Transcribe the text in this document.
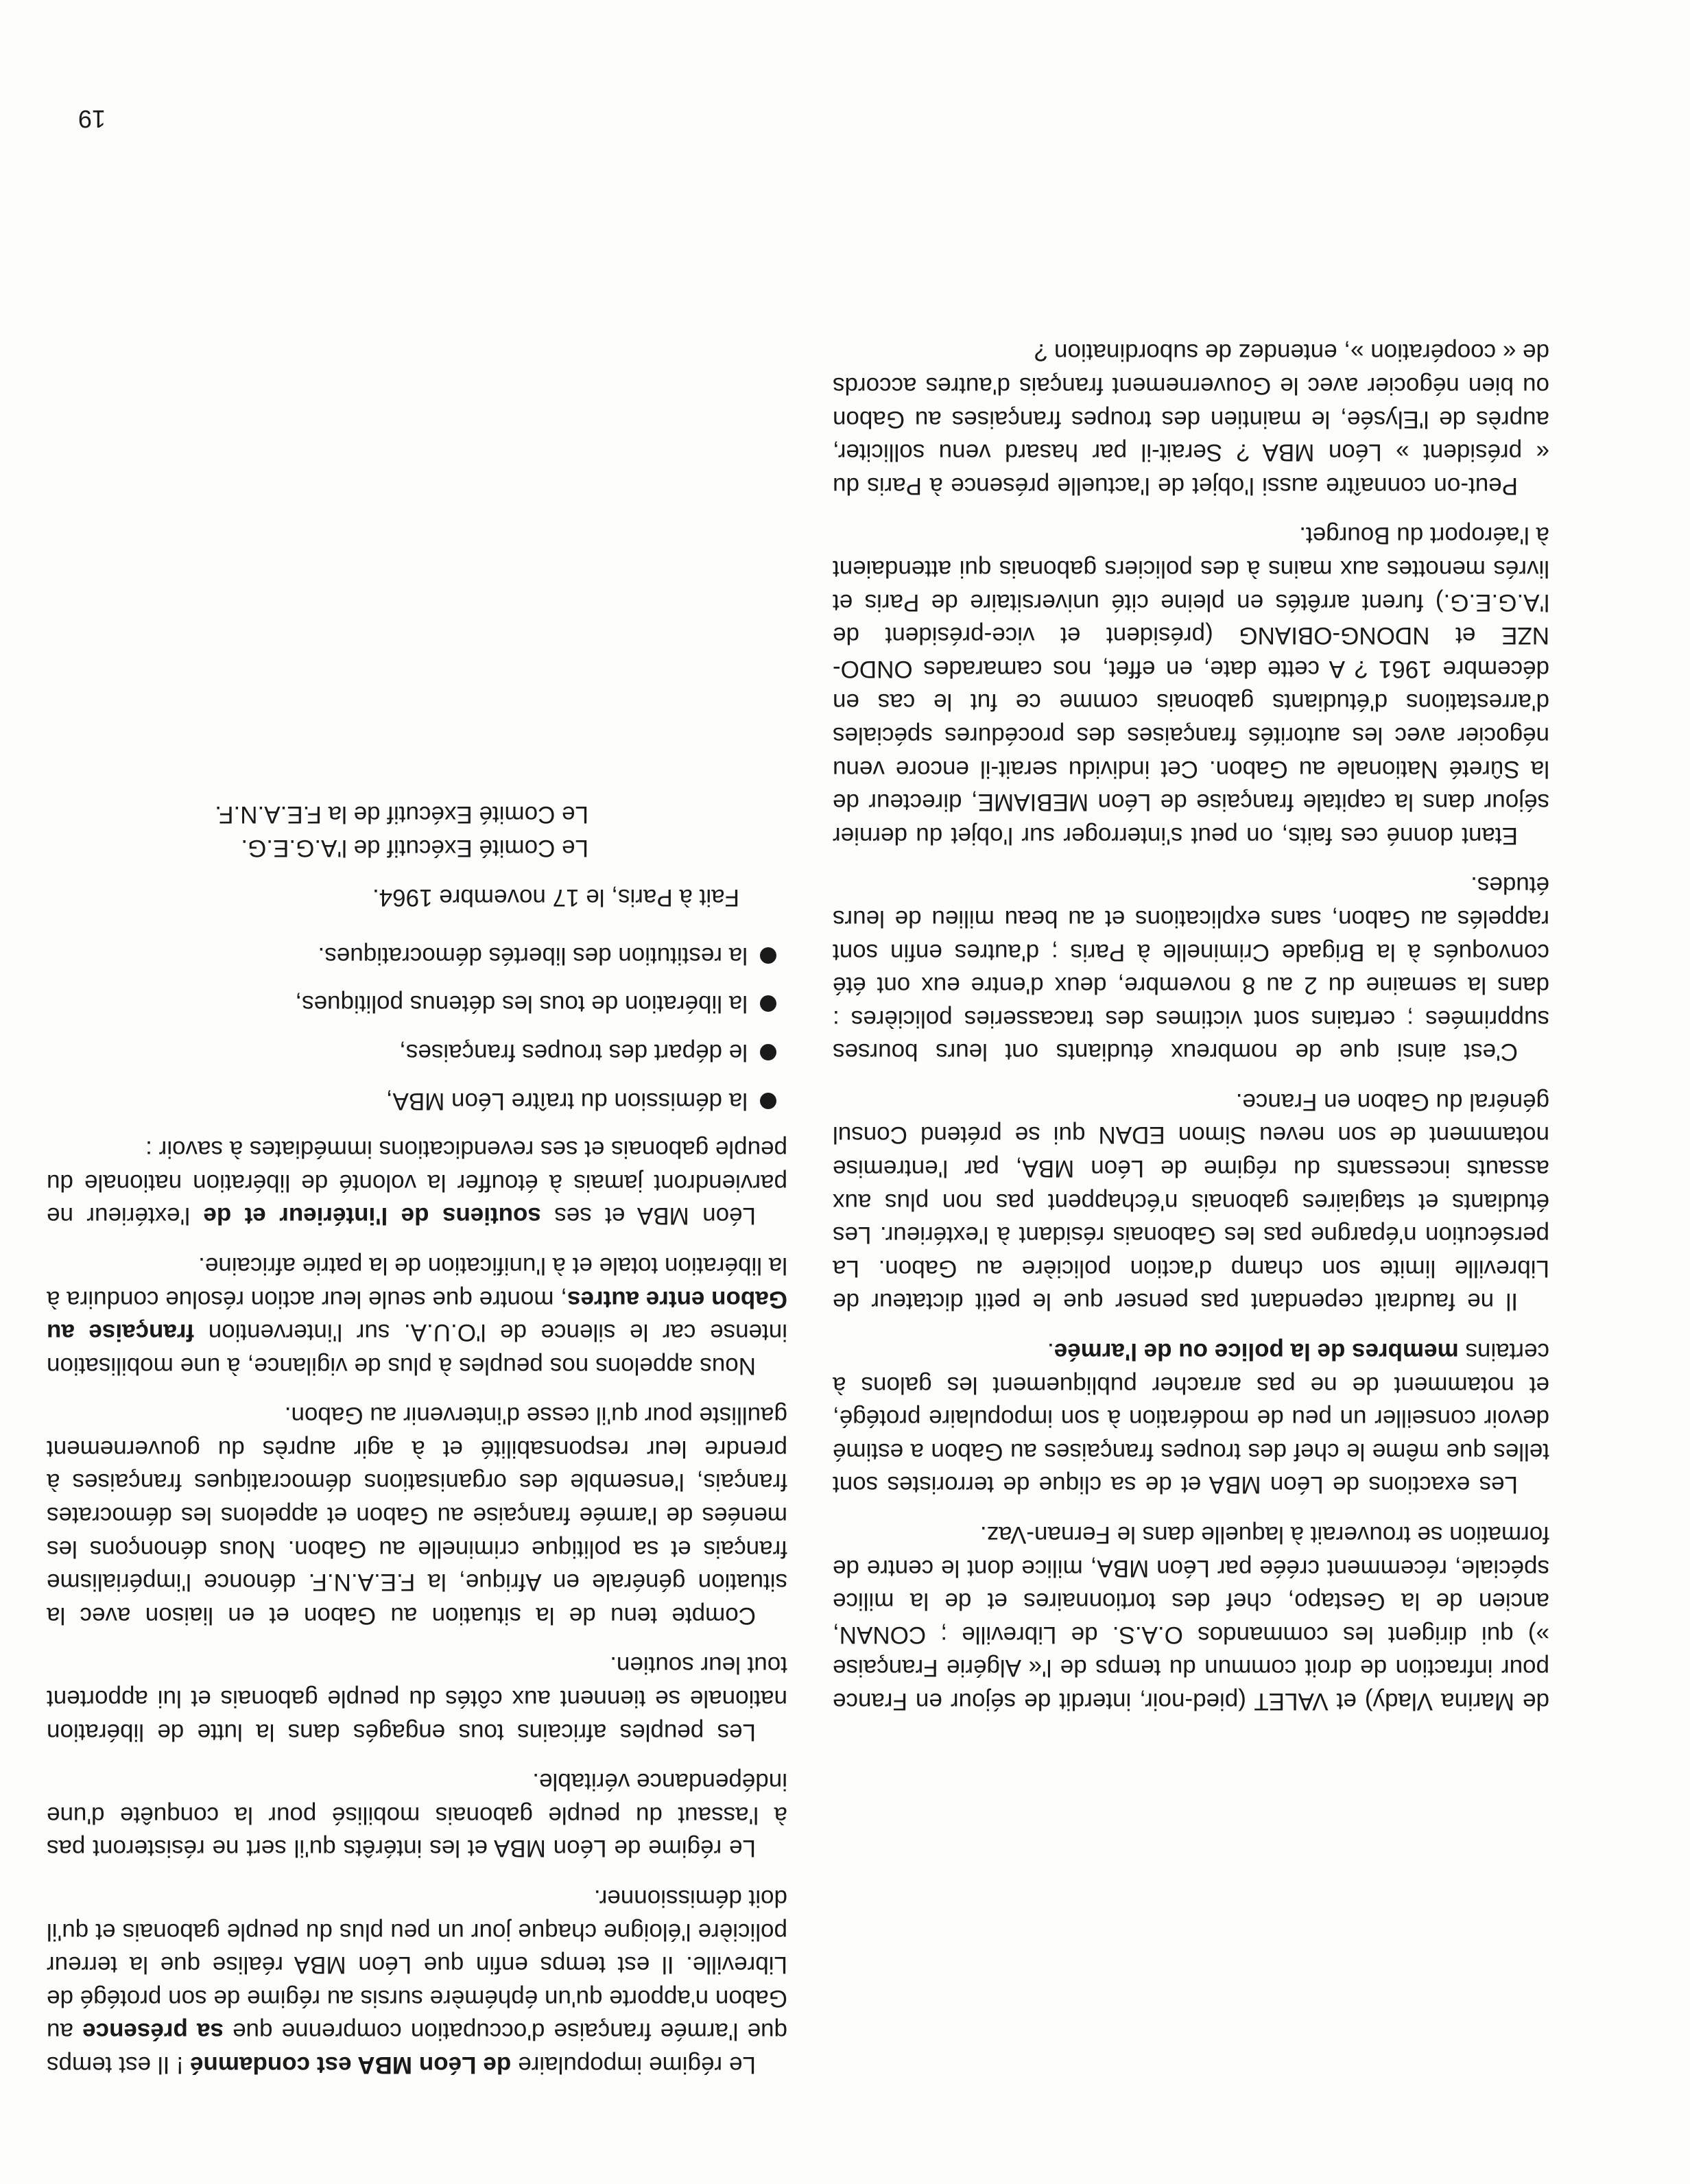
19

de Marina Vlady) et VALET (pied-noir, interdit de séjour en France pour infraction de droit commun du temps de l'« Algérie Française ») qui dirigent les commandos O.A.S. de Libreville ; CONAN, ancien de la Gestapo, chef des tortionnaires et de la milice spéciale, récemment créée par Léon MBA, milice dont le centre de formation se trouverait à laquelle dans le Fernan-Vaz.

Les exactions de Léon MBA et de sa clique de terroristes sont telles que même le chef des troupes françaises au Gabon a estimé devoir conseiller un peu de modération à son impopulaire protégé, et notamment de ne pas arracher publiquement les galons à certains membres de la police ou de l'armée.

Il ne faudrait cependant pas penser que le petit dictateur de Libreville limite son champ d'action policière au Gabon. La persécution n'épargne pas les Gabonais résidant à l'extérieur. Les étudiants et stagiaires gabonais n'échappent pas non plus aux assauts incessants du régime de Léon MBA, par l'entremise notamment de son neveu Simon EDAN qui se prétend Consul général du Gabon en France.

C'est ainsi que de nombreux étudiants ont leurs bourses supprimées ; certains sont victimes des tracasseries policières : dans la semaine du 2 au 8 novembre, deux d'entre eux ont été convoqués à la Brigade Criminelle à Paris ; d'autres enfin sont rappelés au Gabon, sans explications et au beau milieu de leurs études.

Etant donné ces faits, on peut s'interroger sur l'objet du dernier séjour dans la capitale française de Léon MEBIAME, directeur de la Sûreté Nationale au Gabon. Cet individu serait-il encore venu négocier avec les autorités françaises des procédures spéciales d'arrestations d'étudiants gabonais comme ce fut le cas en décembre 1961 ? A cette date, en effet, nos camarades ONDO-NZE et NDONG-OBIANG (président et vice-président de l'A.G.E.G.) furent arrêtés en pleine cité universitaire de Paris et livrés menottes aux mains à des policiers gabonais qui attendaient à l'aéroport du Bourget.

Peut-on connaître aussi l'objet de l'actuelle présence à Paris du « président » Léon MBA ? Serait-il par hasard venu solliciter, auprès de l'Elysée, le maintien des troupes françaises au Gabon ou bien négocier avec le Gouvernement français d'autres accords de « coopération », entendez de subordination ?

Le régime impopulaire de Léon MBA est condamné ! Il est temps que l'armée française d'occupation comprenne que sa présence au Gabon n'apporte qu'un éphémère sursis au régime de son protégé de Libreville. Il est temps enfin que Léon MBA réalise que la terreur policière l'éloigne chaque jour un peu plus du peuple gabonais et qu'il doit démissionner.

Le régime de Léon MBA et les intérêts qu'il sert ne résisteront pas à l'assaut du peuple gabonais mobilisé pour la conquête d'une indépendance véritable.

Les peuples africains tous engagés dans la lutte de libération nationale se tiennent aux côtés du peuple gabonais et lui apportent tout leur soutien.

Compte tenu de la situation au Gabon et en liaison avec la situation générale en Afrique, la F.E.A.N.F. dénonce l'impérialisme français et sa politique criminelle au Gabon. Nous dénonçons les menées de l'armée française au Gabon et appelons les démocrates français, l'ensemble des organisations démocratiques françaises à prendre leur responsabilité et à agir auprès du gouvernement gaulliste pour qu'il cesse d'intervenir au Gabon.

Nous appelons nos peuples à plus de vigilance, à une mobilisation intense car le silence de l'O.U.A. sur l'intervention française au Gabon entre autres, montre que seule leur action résolue conduira à la libération totale et à l'unification de la patrie africaine.

Léon MBA et ses soutiens de l'intérieur et de l'extérieur ne parviendront jamais à étouffer la volonté de libération nationale du peuple gabonais et ses revendications immédiates à savoir :

la démission du traître Léon MBA,
le départ des troupes françaises,
la libération de tous les détenus politiques,
la restitution des libertés démocratiques.
Fait à Paris, le 17 novembre 1964.
Le Comité Exécutif de l'A.G.E.G.
Le Comité Exécutif de la F.E.A.N.F.
